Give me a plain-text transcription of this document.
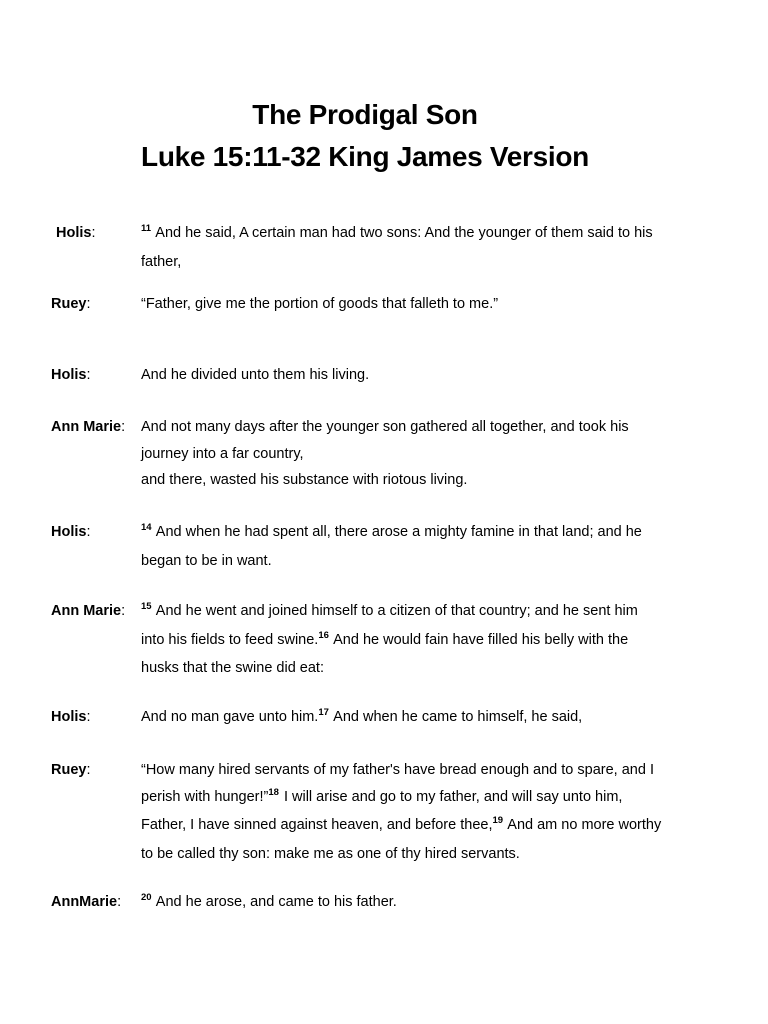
The Prodigal Son
Luke 15:11-32 King James Version
Holis:	$^{11}$ And he said, A certain man had two sons: And the younger of them said to his
father,
Ruey:	“Father, give me the portion of goods that falleth to me.”
Holis:	And he divided unto them his living.
Ann Marie: And not many days after the younger son gathered all together, and took his
journey into a far country,
and there, wasted his substance with riotous living.
Holis:	$^{14}$ And when he had spent all, there arose a mighty famine in that land; and he
began to be in want.
Ann Marie: $^{15}$ And he went and joined himself to a citizen of that country; and he sent him
into his fields to feed swine.$^{16}$ And he would fain have filled his belly with the
husks that the swine did eat:
Holis:	And no man gave unto him.$^{17}$ And when he came to himself, he said,
Ruey:	“How many hired servants of my father's have bread enough and to spare, and I
perish with hunger!”$^{18}$ I will arise and go to my father, and will say unto him,
Father, I have sinned against heaven, and before thee,$^{19}$ And am no more worthy
to be called thy son: make me as one of thy hired servants.
AnnMarie: $^{20}$ And he arose, and came to his father.
